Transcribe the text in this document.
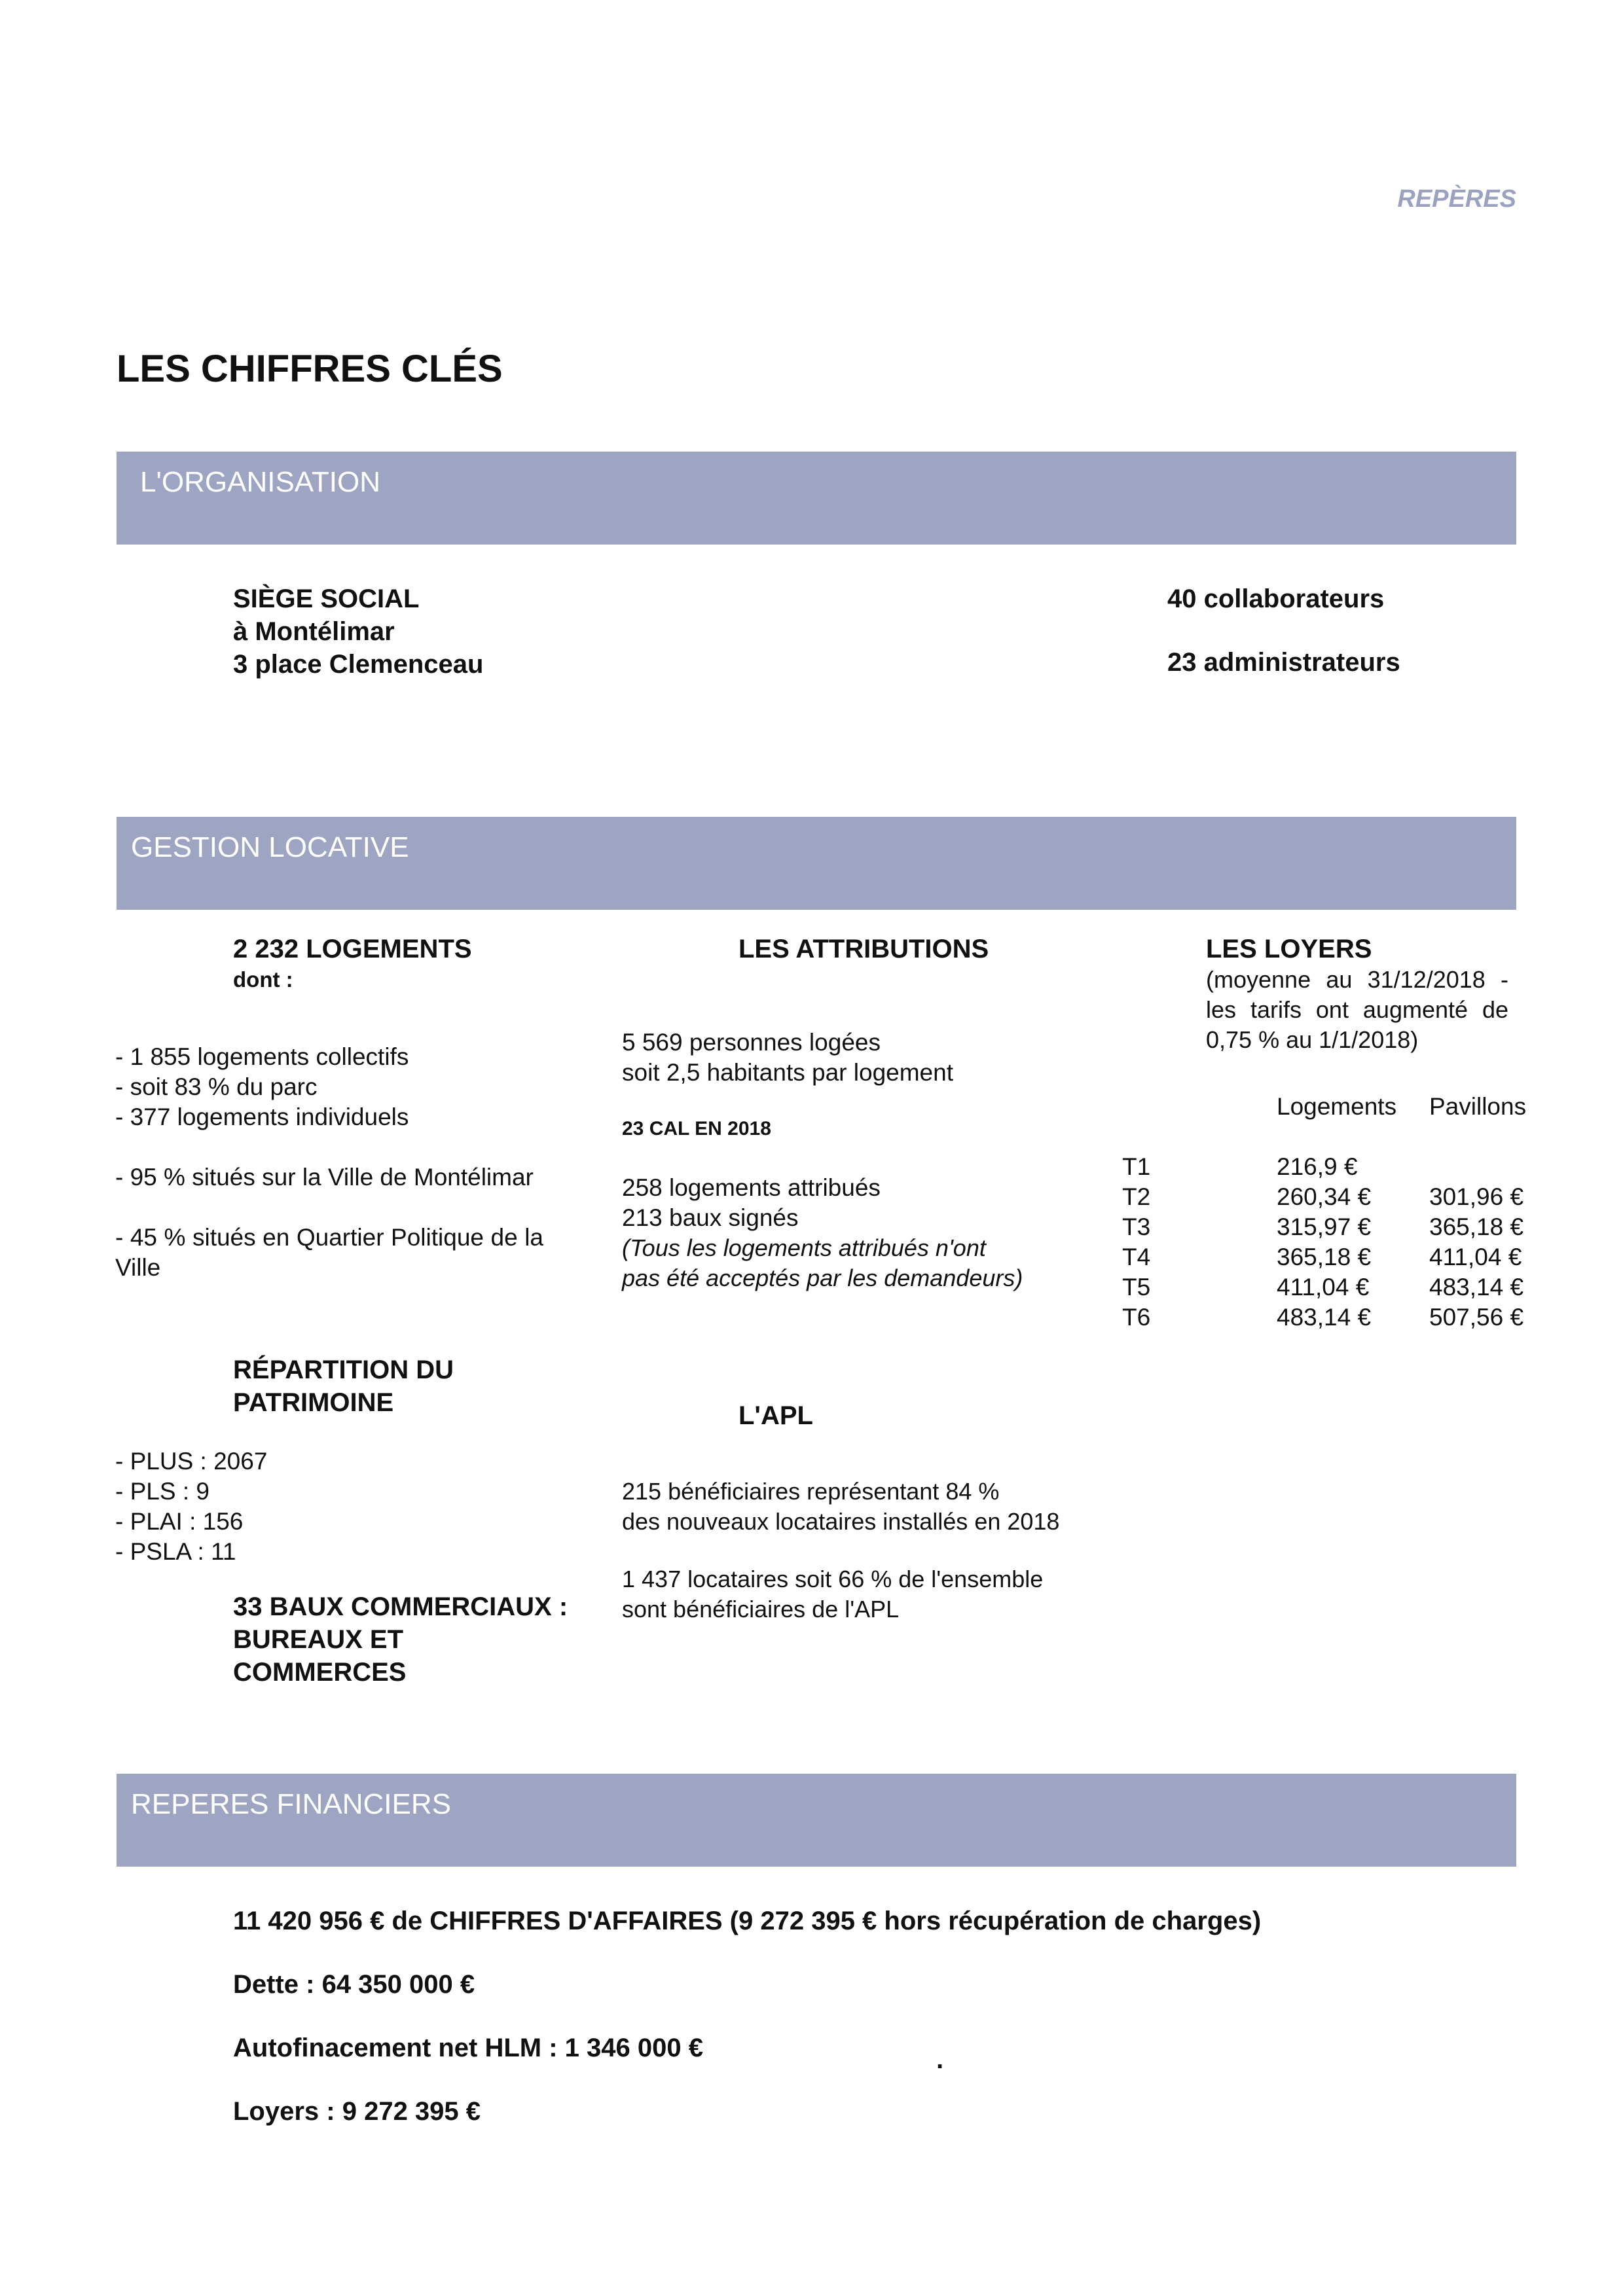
REPÈRES
LES CHIFFRES CLÉS
L'ORGANISATION
SIÈGE SOCIAL
à Montélimar
3 place Clemenceau
40 collaborateurs
23 administrateurs
GESTION LOCATIVE
2 232 LOGEMENTS
dont :
- 1 855 logements collectifs
- soit 83 % du parc
- 377 logements individuels
- 95 % situés sur la Ville de Montélimar
- 45 % situés en Quartier Politique de la
Ville
RÉPARTITION DU
PATRIMOINE
- PLUS : 2067
- PLS : 9
- PLAI : 156
- PSLA : 11
33 BAUX COMMERCIAUX :
BUREAUX ET
COMMERCES
LES ATTRIBUTIONS
5 569 personnes logées
soit 2,5 habitants par logement
23 CAL EN 2018
258 logements attribués
213 baux signés
(Tous les logements attribués n'ont
pas été acceptés par les demandeurs)
L'APL
215 bénéficiaires représentant 84 %
des nouveaux locataires installés en 2018
1 437 locataires soit 66 % de l'ensemble
sont bénéficiaires de l'APL
LES LOYERS
(moyenne au 31/12/2018 -
les tarifs ont augmenté de
0,75 % au 1/1/2018)
Logements Pavillons
T1	216,9 €
T2	260,34 € 301,96 €
T3	315,97 € 365,18 €
T4	365,18 € 411,04 €
T5	411,04 € 483,14 €
T6	483,14 € 507,56 €
REPERES FINANCIERS
11 420 956 € de CHIFFRES D'AFFAIRES (9 272 395 € hors récupération de charges)
Dette : 64 350 000 €
Autofinacement net HLM : 1 346 000 €	.
Loyers : 9 272 395 €
